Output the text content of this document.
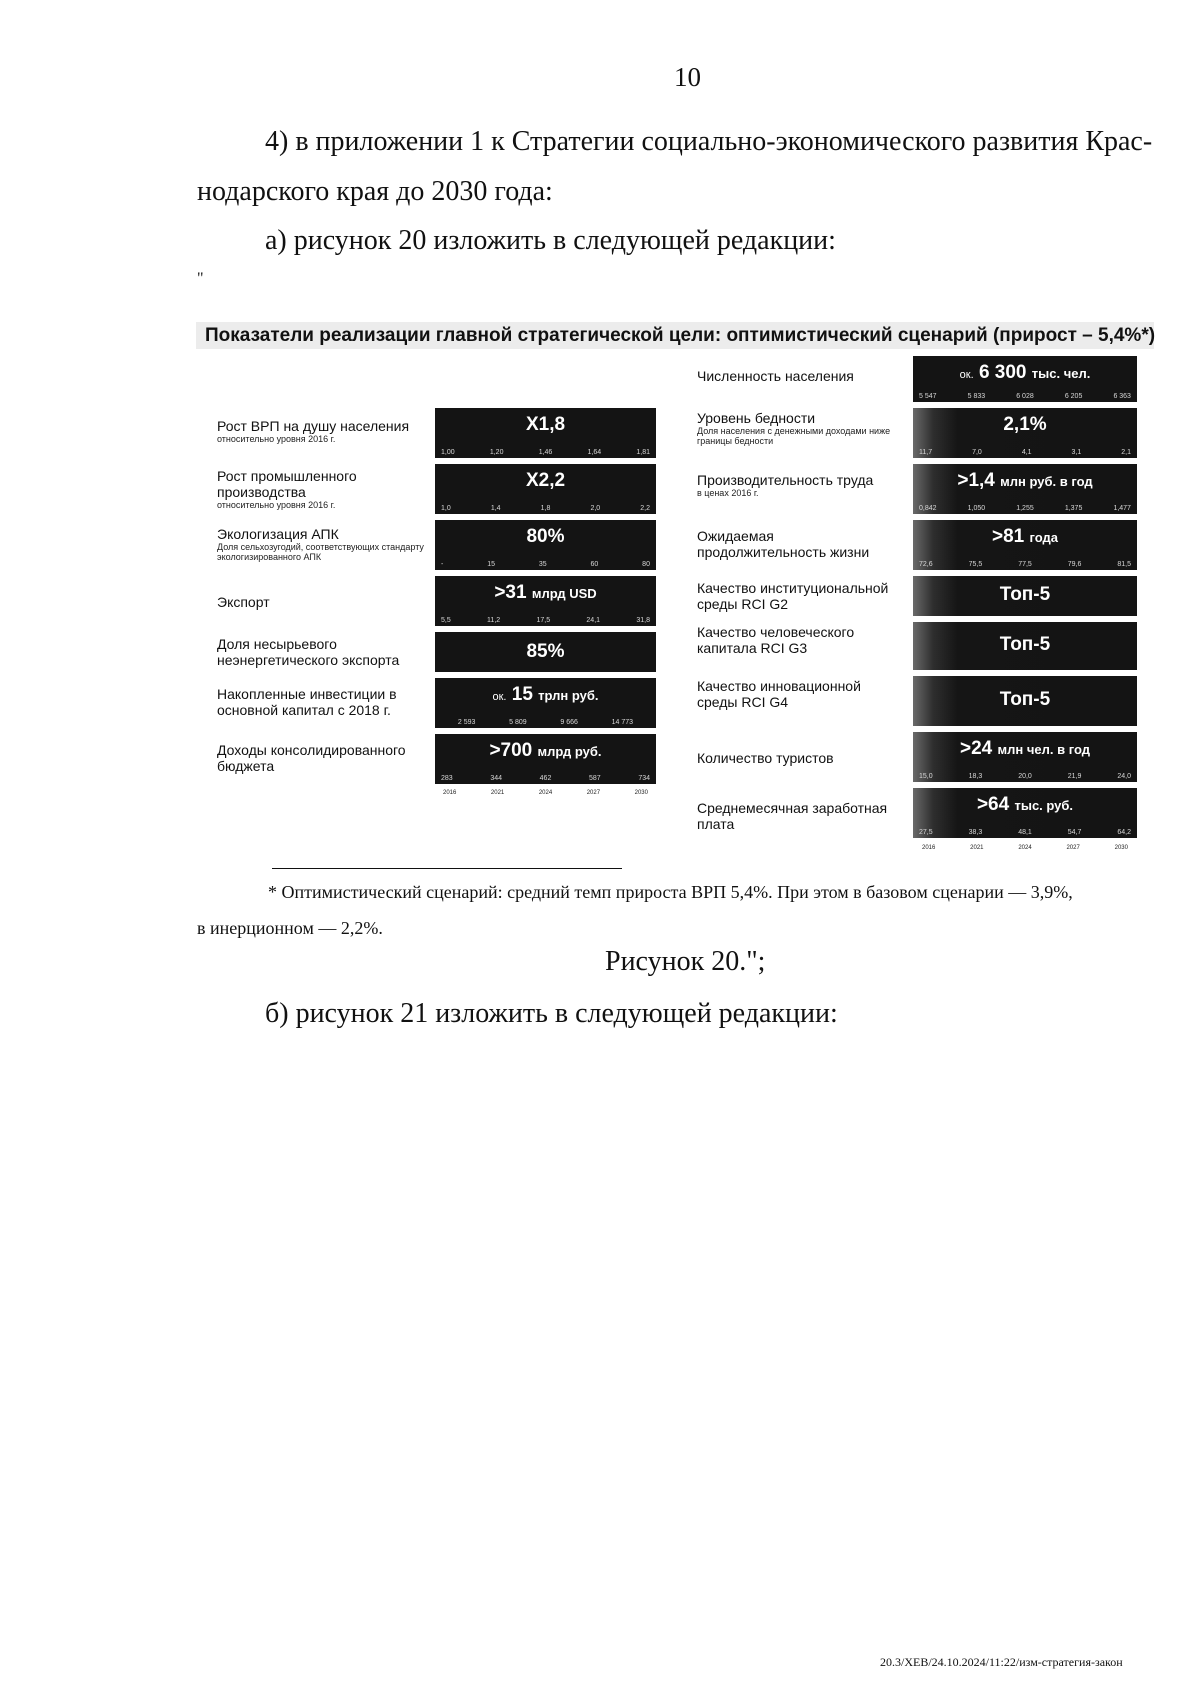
10
4) в приложении 1 к Стратегии социально-экономического развития Крас-
нодарского края до 2030 года:
а) рисунок 20 изложить в следующей редакции:
"
Показатели реализации главной стратегической цели: оптимистический сценарий (прирост – 5,4%*)
Рост ВРП на душу населения
относительно уровня 2016 г.
Х1,8
1,00	1,20	1,46	1,64	1,81
Рост промышленного производства
относительно уровня 2016 г.
Х2,2
1,0	1,4	1,8	2,0	2,2
Экологизация АПК
Доля сельхозугодий, соответствующих стандарту экологизированного АПК
80%
-	15	35	60	80
Экспорт	>31 млрд USD
5,5	11,2	17,5	24,1	31,8
Доля несырьевого неэнергетического экспорта	85%
Накопленные инвестиции в основной капитал с 2018 г.
ок. 15 трлн руб.
2 593	5 809	9 666	14 773
Доходы консолидированного бюджета
>700 млрд руб.
283	344	462	587	734
2016	2021	2024	2027	2030
Численность населения	ок. 6 300 тыс. чел.
5 547	5 833	6 028	6 205	6 363
Уровень бедности
Доля населения с денежными доходами ниже границы бедности
2,1%
11,7	7,0	4,1	3,1	2,1
Производительность труда
в ценах 2016 г.
>1,4 млн руб. в год
0,842	1,050	1,255	1,375	1,477
Ожидаемая продолжительность жизни
>81 года
72,6	75,5	77,5	79,6	81,5
Качество институциональной среды RCI G2	Топ-5
Качество человеческого капитала RCI G3	Топ-5
Качество инновационной среды RCI G4	Топ-5
Количество туристов	>24 млн чел. в год
15,0	18,3	20,0	21,9	24,0
Среднемесячная заработная плата
>64 тыс. руб.
27,5	38,3	48,1	54,7	64,2
2016	2021	2024	2027	2030
* Оптимистический сценарий: средний темп прироста ВРП 5,4%. При этом в базовом сценарии — 3,9%,
в инерционном — 2,2%.
Рисунок 20.";
б) рисунок 21 изложить в следующей редакции:
20.3/ХЕВ/24.10.2024/11:22/изм-стратегия-закон
